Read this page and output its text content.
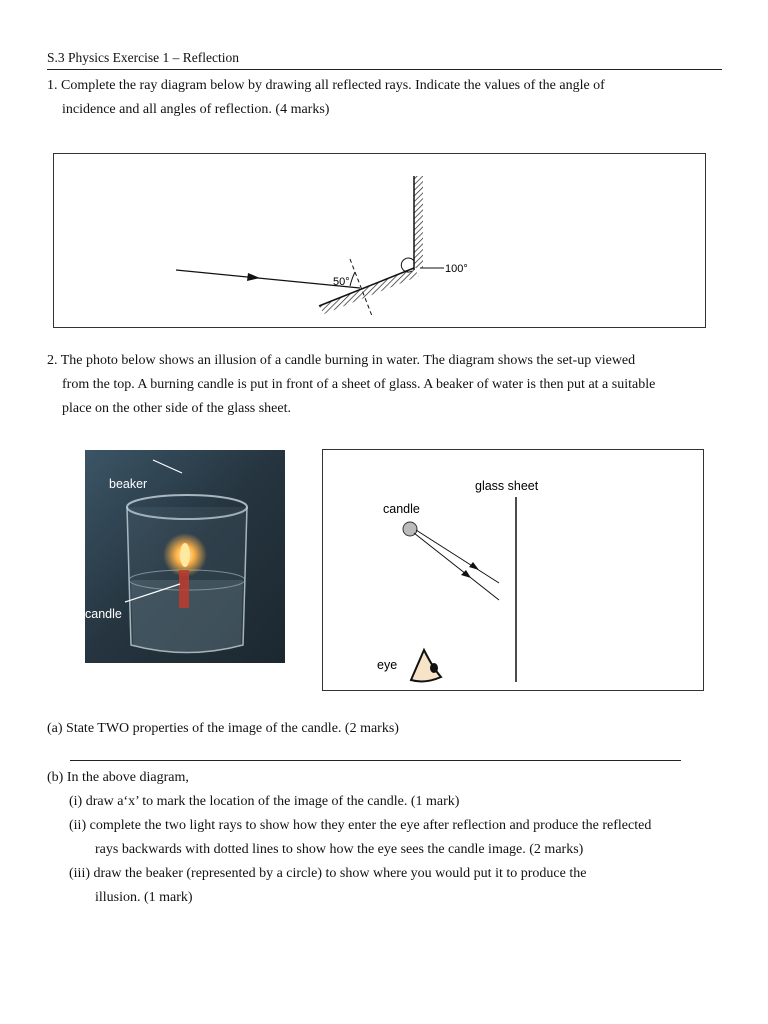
S.3 Physics Exercise 1 – Reflection
1. Complete the ray diagram below by drawing all reflected rays. Indicate the values of the angle of
incidence and all angles of reflection. (4 marks)
50°
100°
2. The photo below shows an illusion of a candle burning in water. The diagram shows the set-up viewed
from the top. A burning candle is put in front of a sheet of glass. A beaker of water is then put at a suitable
place on the other side of the glass sheet.
beaker
candle
glass sheet
candle
eye
(a) State TWO properties of the image of the candle. (2 marks)
(b) In the above diagram,
(i) draw a‘x’ to mark the location of the image of the candle. (1 mark)
(ii) complete the two light rays to show how they enter the eye after reflection and produce the reflected
rays backwards with dotted lines to show how the eye sees the candle image. (2 marks)
(iii) draw the beaker (represented by a circle) to show where you would put it to produce the
illusion. (1 mark)
